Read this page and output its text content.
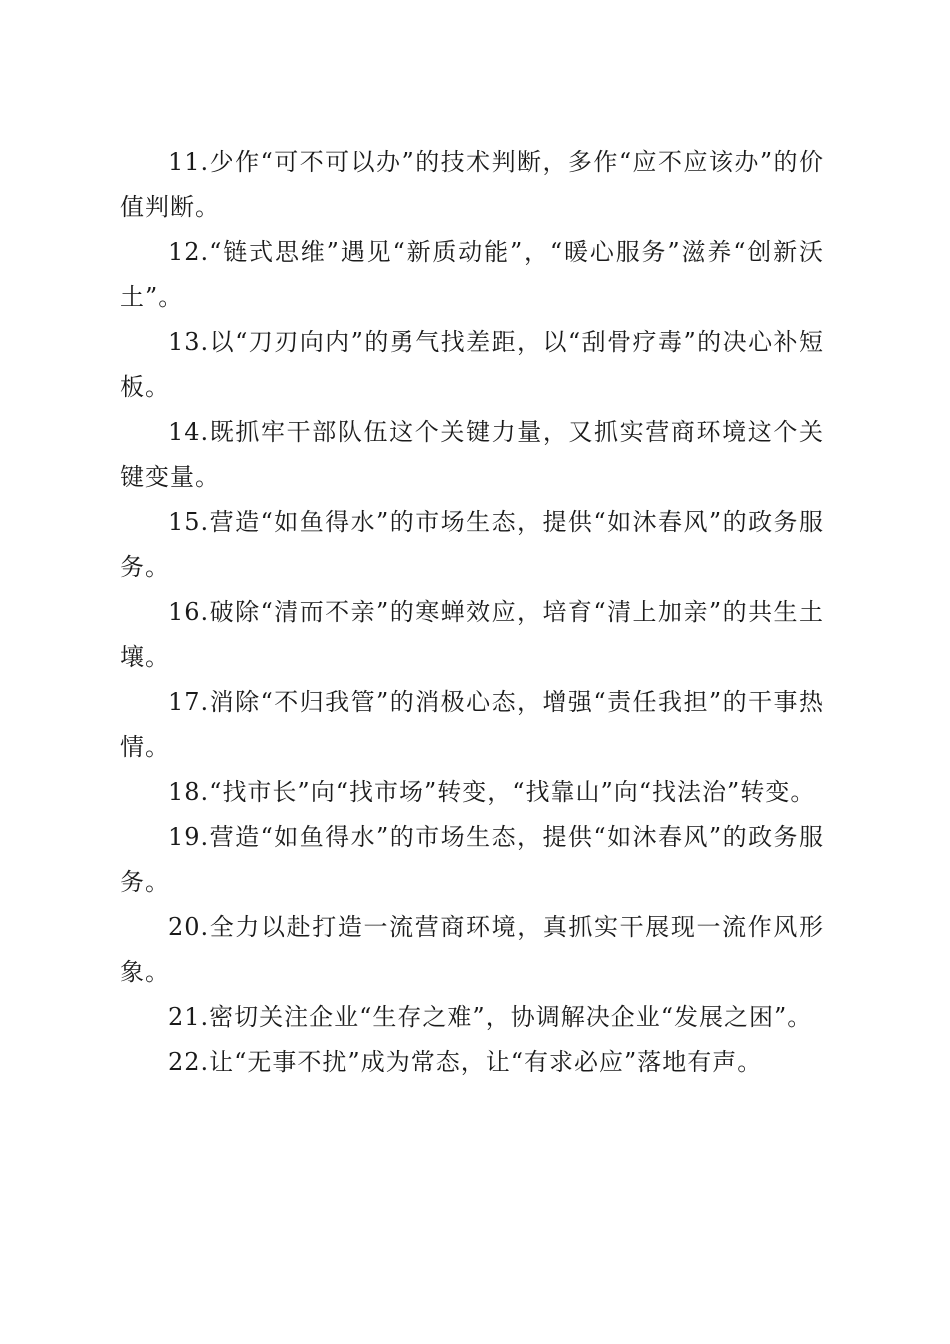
11.少作“可不可以办”的技术判断，多作“应不应该办”的价值判断。

12.“链式思维”遇见“新质动能”，“暖心服务”滋养“创新沃土”。

13.以“刀刃向内”的勇气找差距，以“刮骨疗毒”的决心补短板。

14.既抓牢干部队伍这个关键力量，又抓实营商环境这个关键变量。

15.营造“如鱼得水”的市场生态，提供“如沐春风”的政务服务。

16.破除“清而不亲”的寒蝉效应，培育“清上加亲”的共生土壤。

17.消除“不归我管”的消极心态，增强“责任我担”的干事热情。

18.“找市长”向“找市场”转变，“找靠山”向“找法治”转变。

19.营造“如鱼得水”的市场生态，提供“如沐春风”的政务服务。

20.全力以赴打造一流营商环境，真抓实干展现一流作风形象。

21.密切关注企业“生存之难”，协调解决企业“发展之困”。

22.让“无事不扰”成为常态，让“有求必应”落地有声。
